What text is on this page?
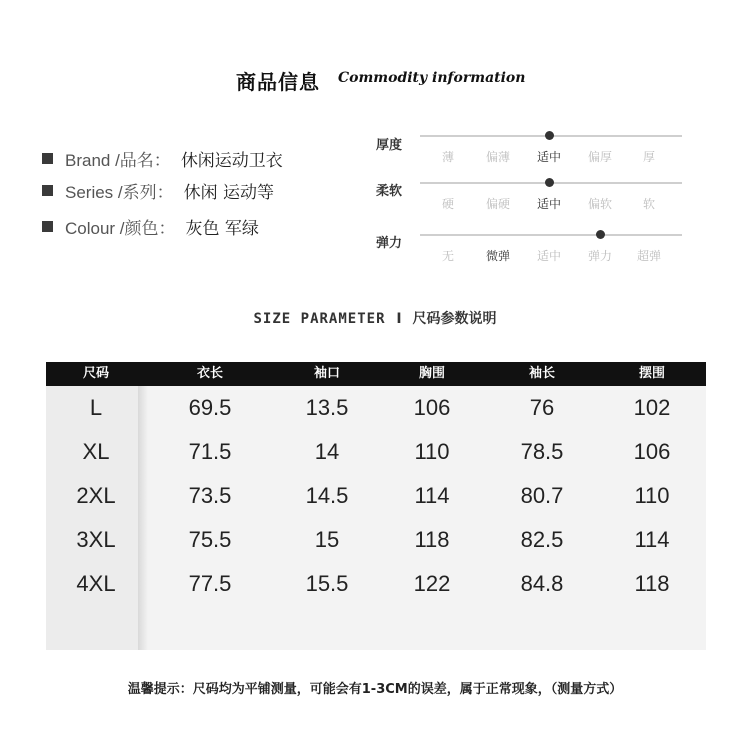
商品信息 Commodity information
Brand /品名： 休闲运动卫衣
Series /系列： 休闲 运动等
Colour /颜色： 灰色 军绿
厚度
薄	偏薄	适中	偏厚	厚
柔软
硬	偏硬	适中	偏软	软
弹力
无	微弹	适中	弹力	超弹
SIZE PARAMETER I 尺码参数说明
尺码	衣长	袖口	胸围	袖长	摆围
L	69.5	13.5	106	76	102
XL	71.5	14	110	78.5	106
2XL	73.5	14.5	114	80.7	110
3XL	75.5	15	118	82.5	114
4XL	77.5	15.5	122	84.8	118
温馨提示：尺码均为平铺测量，可能会有1-3CM的误差，属于正常现象，（测量方式）
